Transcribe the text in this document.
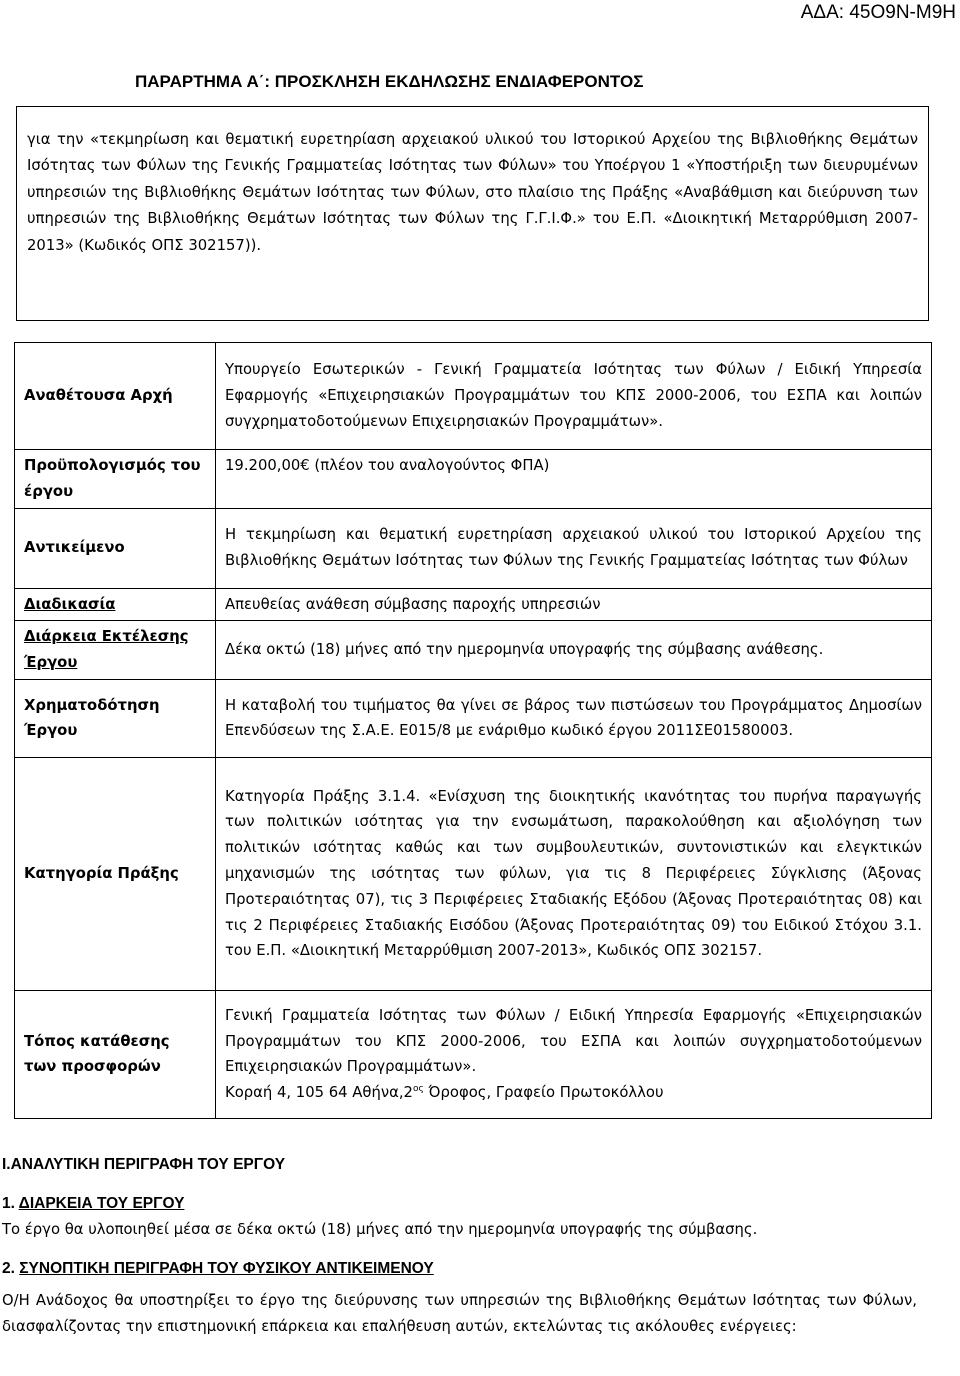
ΑΔΑ: 45Ο9Ν-Μ9Η
ΠΑΡΑΡΤΗΜΑ Α΄: ΠΡΟΣΚΛΗΣΗ ΕΚΔΗΛΩΣΗΣ ΕΝΔΙΑΦΕΡΟΝΤΟΣ

για την «τεκμηρίωση και θεματική ευρετηρίαση αρχειακού υλικού του Ιστορικού Αρχείου της Βιβλιοθήκης Θεμάτων Ισότητας των Φύλων της Γενικής Γραμματείας Ισότητας των Φύλων» του Υποέργου 1 «Υποστήριξη των διευρυμένων υπηρεσιών της Βιβλιοθήκης Θεμάτων Ισότητας των Φύλων, στο πλαίσιο της Πράξης «Αναβάθμιση και διεύρυνση των υπηρεσιών της Βιβλιοθήκης Θεμάτων Ισότητας των Φύλων της Γ.Γ.Ι.Φ.» του Ε.Π. «Διοικητική Μεταρρύθμιση 2007-2013» (Κωδικός ΟΠΣ 302157)).

Αναθέτουσα Αρχή	Υπουργείο Εσωτερικών - Γενική Γραμματεία Ισότητας των Φύλων / Ειδική Υπηρεσία Εφαρμογής «Επιχειρησιακών Προγραμμάτων του ΚΠΣ 2000-2006, του ΕΣΠΑ και λοιπών συγχρηματοδοτούμενων Επιχειρησιακών Προγραμμάτων».
Προϋπολογισμός του έργου	19.200,00€ (πλέον του αναλογούντος ΦΠΑ)
Αντικείμενο	Η τεκμηρίωση και θεματική ευρετηρίαση αρχειακού υλικού του Ιστορικού Αρχείου της Βιβλιοθήκης Θεμάτων Ισότητας των Φύλων της Γενικής Γραμματείας Ισότητας των Φύλων
Διαδικασία	Απευθείας ανάθεση σύμβασης παροχής υπηρεσιών
Διάρκεια Εκτέλεσης Έργου	Δέκα οκτώ (18) μήνες από την ημερομηνία υπογραφής της σύμβασης ανάθεσης.
Χρηματοδότηση Έργου	Η καταβολή του τιμήματος θα γίνει σε βάρος των πιστώσεων του Προγράμματος Δημοσίων Επενδύσεων της Σ.Α.Ε. Ε015/8 με ενάριθμο κωδικό έργου 2011ΣΕ01580003.
Κατηγορία Πράξης	Κατηγορία Πράξης 3.1.4. «Ενίσχυση της διοικητικής ικανότητας του πυρήνα παραγωγής των πολιτικών ισότητας για την ενσωμάτωση, παρακολούθηση και αξιολόγηση των πολιτικών ισότητας καθώς και των συμβουλευτικών, συντονιστικών και ελεγκτικών μηχανισμών της ισότητας των φύλων, για τις 8 Περιφέρειες Σύγκλισης (Άξονας Προτεραιότητας 07), τις 3 Περιφέρειες Σταδιακής Εξόδου (Άξονας Προτεραιότητας 08) και τις 2 Περιφέρειες Σταδιακής Εισόδου (Άξονας Προτεραιότητας 09) του Ειδικού Στόχου 3.1. του Ε.Π. «Διοικητική Μεταρρύθμιση 2007-2013», Κωδικός ΟΠΣ 302157.
Τόπος κατάθεσης των προσφορών	Γενική Γραμματεία Ισότητας των Φύλων / Ειδική Υπηρεσία Εφαρμογής «Επιχειρησιακών Προγραμμάτων του ΚΠΣ 2000-2006, του ΕΣΠΑ και λοιπών συγχρηματοδοτούμενων Επιχειρησιακών Προγραμμάτων».
Κοραή 4, 105 64 $A\theta ή\nu\alpha,2^{o\varsigma}$ Όροφος, Γραφείο Πρωτοκόλλου
Ι.ΑΝΑΛΥΤΙΚΗ ΠΕΡΙΓΡΑΦΗ ΤΟΥ ΕΡΓΟΥ
1. ΔΙΑΡΚΕΙΑ ΤΟΥ ΕΡΓΟΥ

Το έργο θα υλοποιηθεί μέσα σε δέκα οκτώ (18) μήνες από την ημερομηνία υπογραφής της σύμβασης.

2. ΣΥΝΟΠΤΙΚΗ ΠΕΡΙΓΡΑΦΗ ΤΟΥ ΦΥΣΙΚΟΥ ΑΝΤΙΚΕΙΜΕΝΟΥ

Ο/Η Ανάδοχος θα υποστηρίξει το έργο της διεύρυνσης των υπηρεσιών της Βιβλιοθήκης Θεμάτων Ισότητας των Φύλων, διασφαλίζοντας την επιστημονική επάρκεια και επαλήθευση αυτών, εκτελώντας τις ακόλουθες ενέργειες:
